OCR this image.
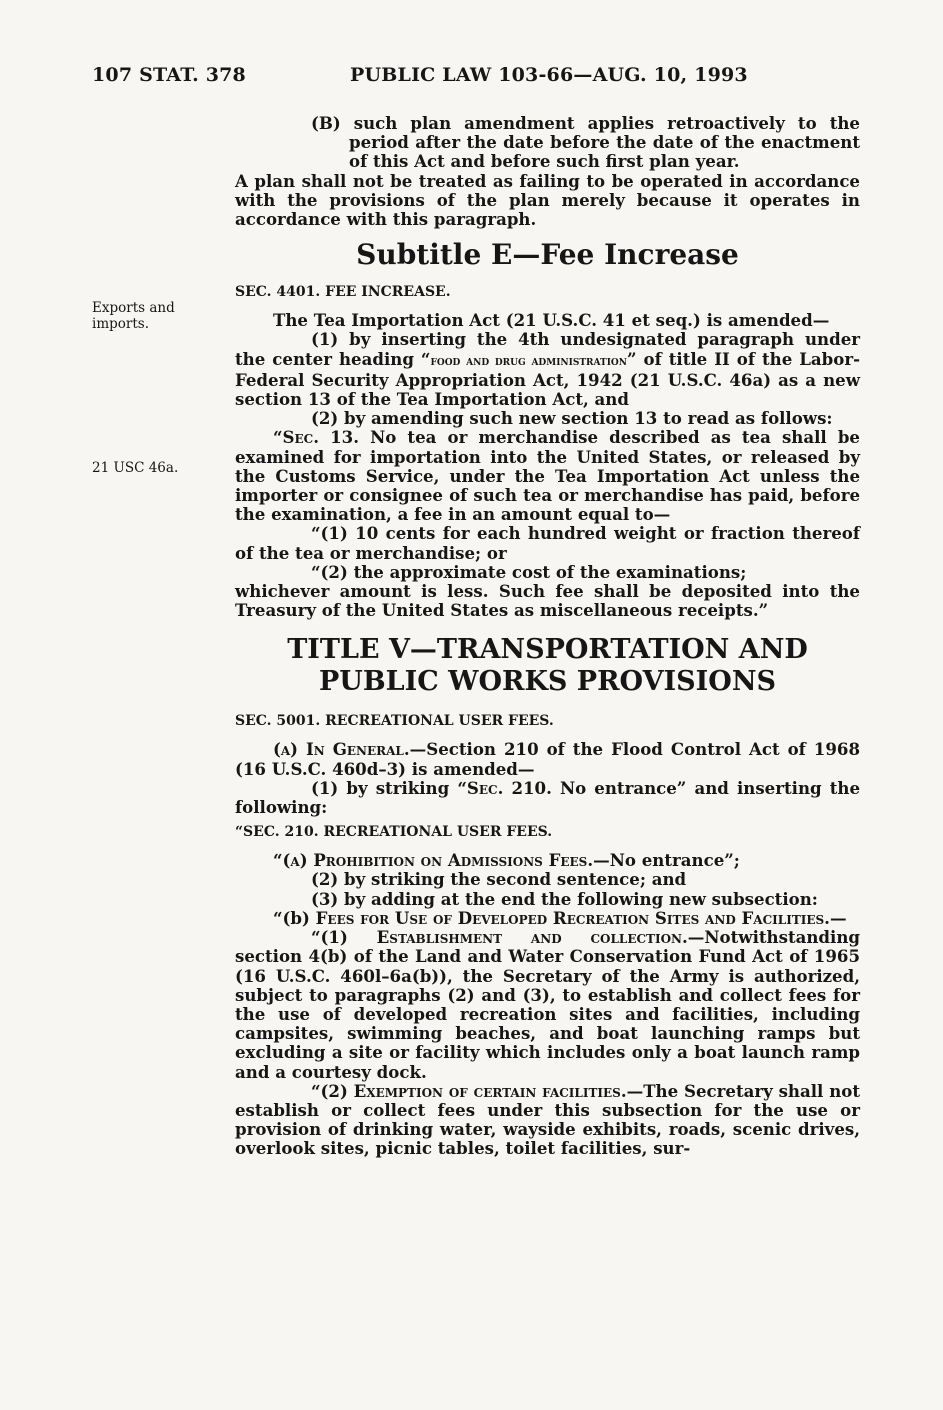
107 STAT. 378	PUBLIC LAW 103-66—AUG. 10, 1993
Exports and imports.
21 USC 46a.

(B) such plan amendment applies retroactively to the period after the date before the date of the enactment of this Act and before such first plan year.

A plan shall not be treated as failing to be operated in accordance with the provisions of the plan merely because it operates in accordance with this paragraph.

Subtitle E—Fee Increase
SEC. 4401. FEE INCREASE.

The Tea Importation Act (21 U.S.C. 41 et seq.) is amended—

(1) by inserting the 4th undesignated paragraph under the center heading “food and drug administration” of title II of the Labor-Federal Security Appropriation Act, 1942 (21 U.S.C. 46a) as a new section 13 of the Tea Importation Act, and

(2) by amending such new section 13 to read as follows:

“Sec. 13. No tea or merchandise described as tea shall be examined for importation into the United States, or released by the Customs Service, under the Tea Importation Act unless the importer or consignee of such tea or merchandise has paid, before the examination, a fee in an amount equal to—

“(1) 10 cents for each hundred weight or fraction thereof of the tea or merchandise; or

“(2) the approximate cost of the examinations;

whichever amount is less. Such fee shall be deposited into the Treasury of the United States as miscellaneous receipts.”

TITLE V—TRANSPORTATION AND PUBLIC WORKS PROVISIONS
SEC. 5001. RECREATIONAL USER FEES.

(a) In General.—Section 210 of the Flood Control Act of 1968 (16 U.S.C. 460d–3) is amended—

(1) by striking “Sec. 210. No entrance” and inserting the following:

“SEC. 210. RECREATIONAL USER FEES.

“(a) Prohibition on Admissions Fees.—No entrance”;

(2) by striking the second sentence; and

(3) by adding at the end the following new subsection:

“(b) Fees for Use of Developed Recreation Sites and Facilities.—

“(1) Establishment and collection.—Notwithstanding section 4(b) of the Land and Water Conservation Fund Act of 1965 (16 U.S.C. 460l–6a(b)), the Secretary of the Army is authorized, subject to paragraphs (2) and (3), to establish and collect fees for the use of developed recreation sites and facilities, including campsites, swimming beaches, and boat launching ramps but excluding a site or facility which includes only a boat launch ramp and a courtesy dock.

“(2) Exemption of certain facilities.—The Secretary shall not establish or collect fees under this subsection for the use or provision of drinking water, wayside exhibits, roads, scenic drives, overlook sites, picnic tables, toilet facilities, sur-
